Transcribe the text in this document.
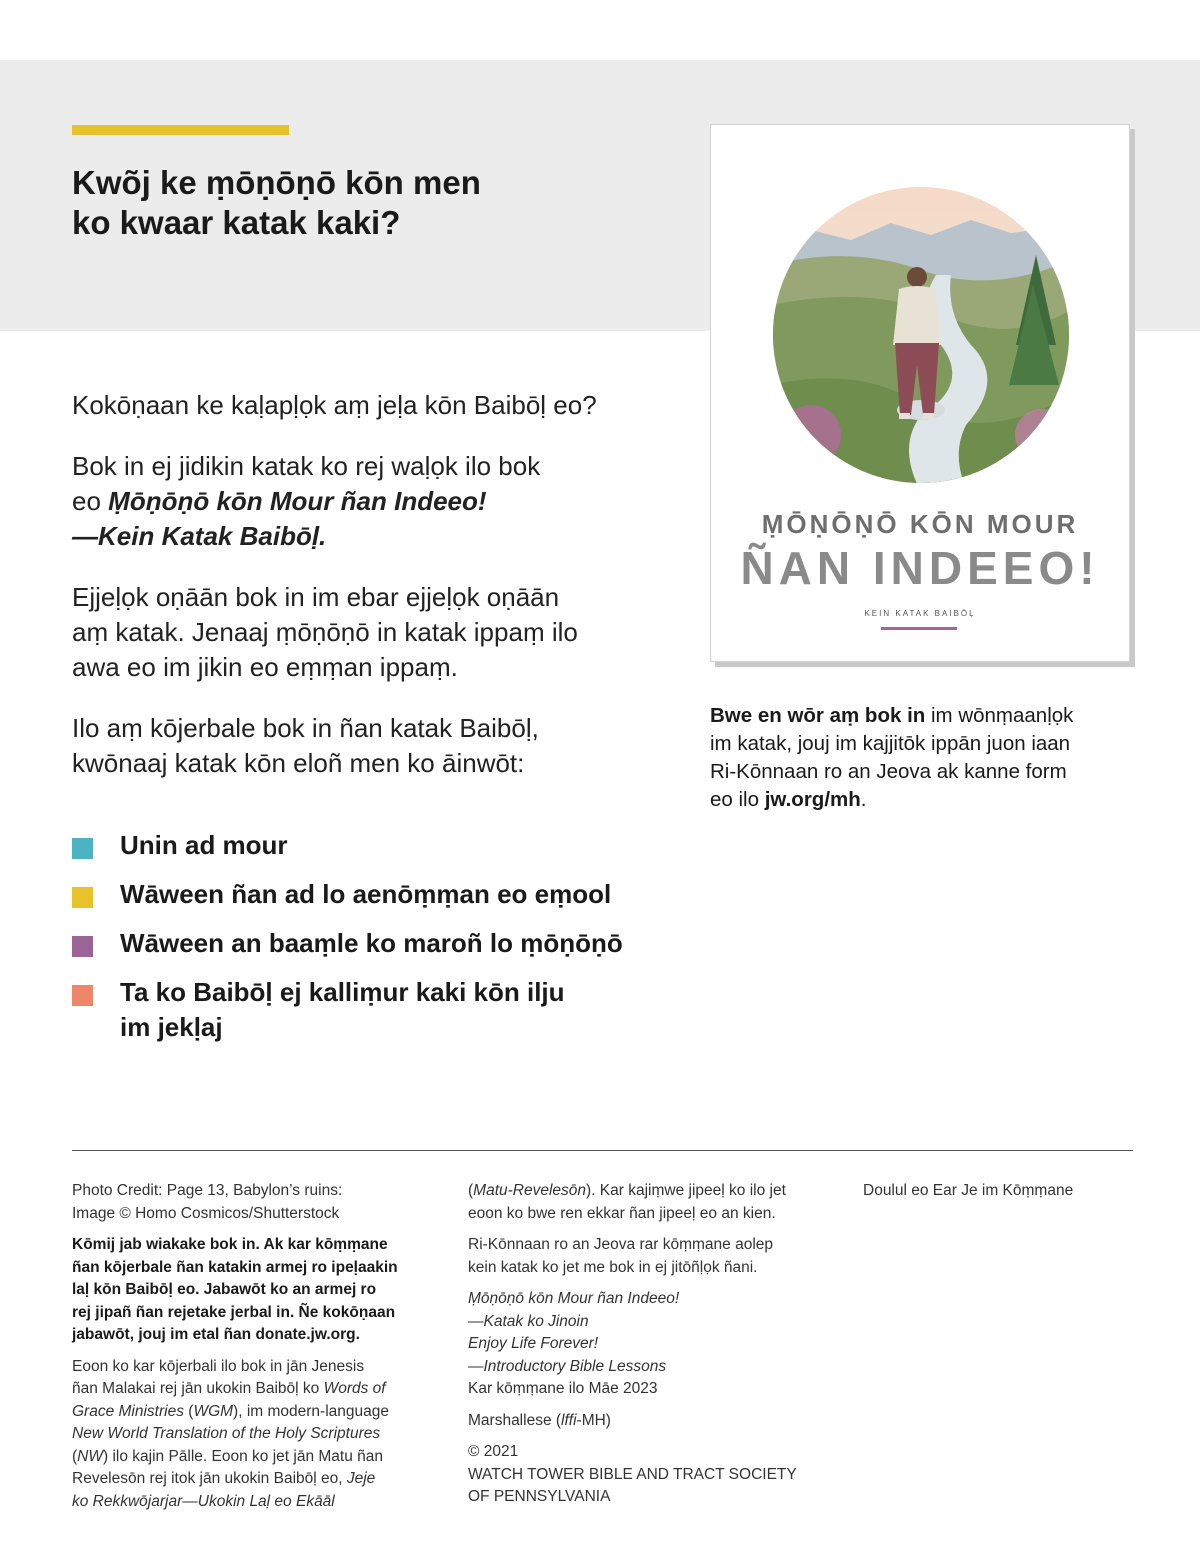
Kwõj ke ṃōṇōṇō kōn men
ko kwaar katak kaki?

Kokōṇaan ke kaḷapḷọk aṃ jeḷa kōn Baibōḷ eo?

Bok in ej jidikin katak ko rej waḷọk ilo bok
eo Ṃōṇōṇō kōn Mour ñan Indeeo!
—Kein Katak Baibōḷ.

Ejjeḷọk oṇāān bok in im ebar ejjeḷọk oṇāān
aṃ katak. Jenaaj ṃōṇōṇō in katak ippaṃ ilo
awa eo im jikin eo eṃṃan ippaṃ.

Ilo aṃ kōjerbale bok in ñan katak Baibōḷ,
kwōnaaj katak kōn eloñ men ko āinwōt:

Unin ad mour
Wāween ñan ad lo aenōṃṃan eo eṃool
Wāween an baaṃle ko maroñ lo ṃōṇōṇō
Ta ko Baibōḷ ej kalliṃur kaki kōn ilju
im jekḷaj
ṂŌṆŌṆŌ KŌN MOUR
ÑAN INDEEO!
KEIN KATAK BAIBŌḶ
Bwe en wōr aṃ bok in im wōnṃaanḷọk
im katak, jouj im kajjitōk ippān juon iaan
Ri-Kōnnaan ro an Jeova ak kanne form
eo ilo jw.org/mh.

Photo Credit: Page 13, Babylon’s ruins:
Image © Homo Cosmicos/Shutterstock

Kōmij jab wiakake bok in. Ak kar kōṃṃane
ñan kōjerbale ñan katakin armej ro ipeḷaakin
laḷ kōn Baibōḷ eo. Jabawōt ko an armej ro
rej jipañ ñan rejetake jerbal in. Ñe kokōṇaan
jabawōt, jouj im etal ñan donate.jw.org.

Eoon ko kar kōjerbali ilo bok in jān Jenesis
ñan Malakai rej jān ukokin Baibōḷ ko Words of
Grace Ministries (WGM), im modern-language
New World Translation of the Holy Scriptures
(NW) ilo kajin Pālle. Eoon ko jet jān Matu ñan
Revelesōn rej itok jān ukokin Baibōḷ eo, Jeje
ko Rekkwōjarjar—Ukokin Laḷ eo Ekāāl

(Matu-Revelesōn). Kar kajiṃwe jipeeḷ ko ilo jet
eoon ko bwe ren ekkar ñan jipeeḷ eo an kien.

Ri-Kōnnaan ro an Jeova rar kōṃṃane aolep
kein katak ko jet me bok in ej jitōñḷọk ñani.

Ṃōṇōṇō kōn Mour ñan Indeeo!
—Katak ko Jinoin
Enjoy Life Forever!
—Introductory Bible Lessons
Kar kōṃṃane ilo Māe 2023

Marshallese (lffi-MH)

© 2021
WATCH TOWER BIBLE AND TRACT SOCIETY
OF PENNSYLVANIA

Doulul eo Ear Je im Kōṃṃane
